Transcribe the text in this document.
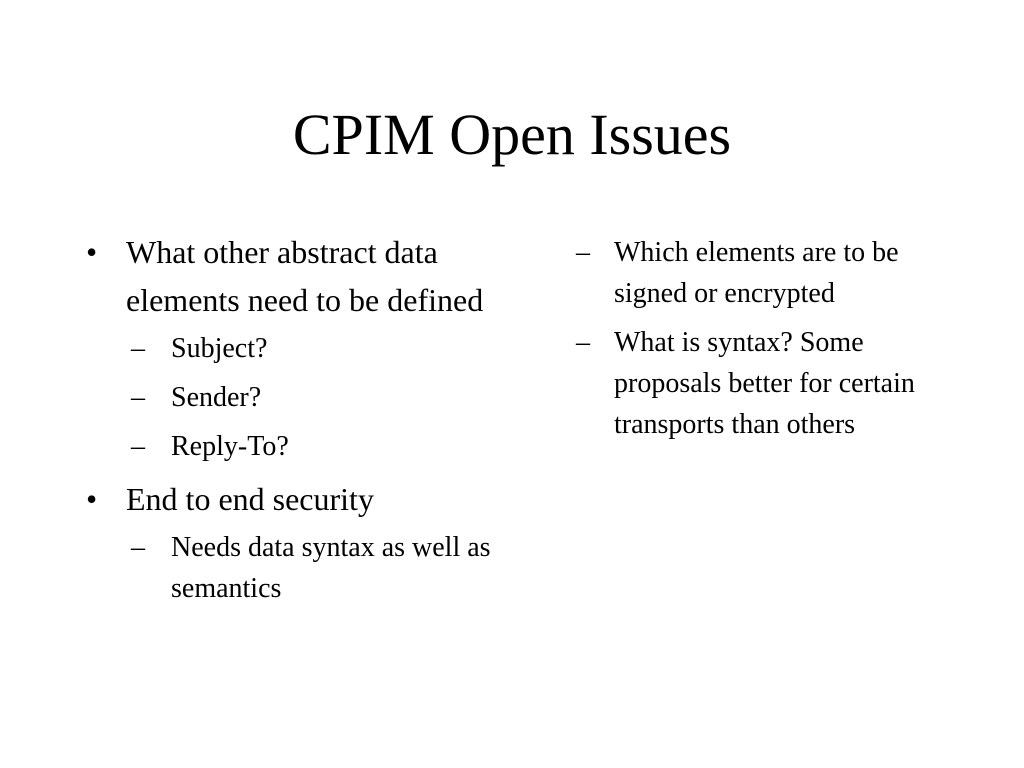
CPIM Open Issues
• What other abstract data elements need to be defined
– Subject?
– Sender?
– Reply-To?
• End to end security
– Needs data syntax as well as semantics
– Which elements are to be signed or encrypted
– What is syntax? Some proposals better for certain transports than others
